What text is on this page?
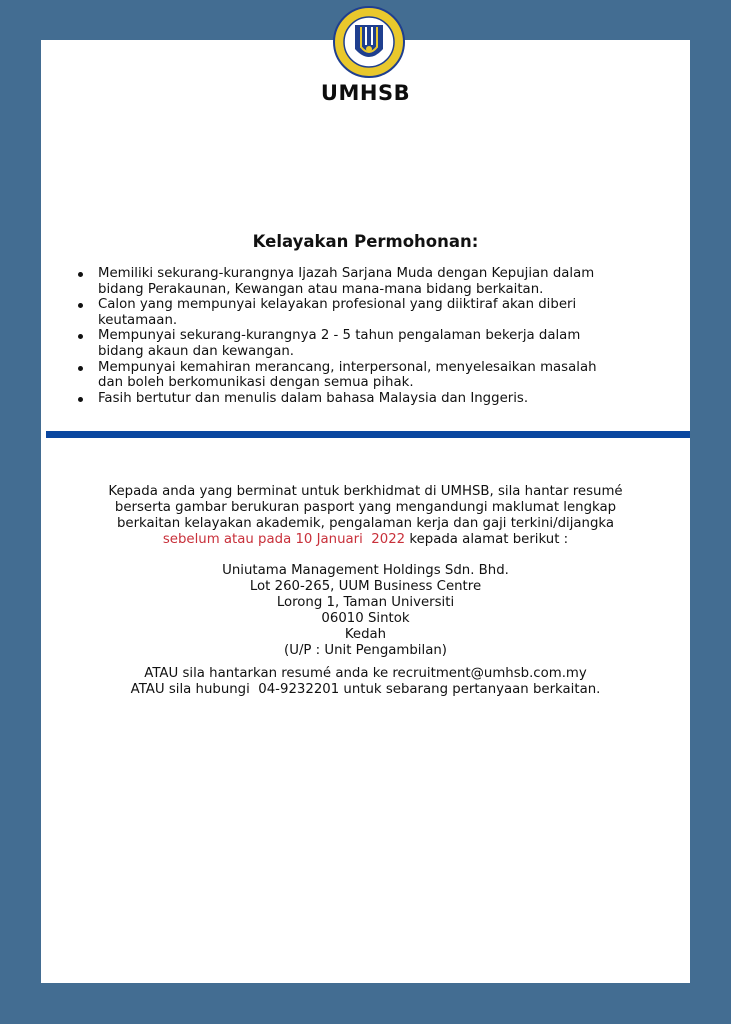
UMHSB
Kelayakan Permohonan:
Memiliki sekurang-kurangnya Ijazah Sarjana Muda dengan Kepujian dalam
bidang Perakaunan, Kewangan atau mana-mana bidang berkaitan.
Calon yang mempunyai kelayakan profesional yang diiktiraf akan diberi
keutamaan.
Mempunyai sekurang-kurangnya 2 - 5 tahun pengalaman bekerja dalam
bidang akaun dan kewangan.
Mempunyai kemahiran merancang, interpersonal, menyelesaikan masalah
dan boleh berkomunikasi dengan semua pihak.
Fasih bertutur dan menulis dalam bahasa Malaysia dan Inggeris.
Kepada anda yang berminat untuk berkhidmat di UMHSB, sila hantar resumé
berserta gambar berukuran pasport yang mengandungi maklumat lengkap
berkaitan kelayakan akademik, pengalaman kerja dan gaji terkini/dijangka
sebelum atau pada 10 Januari  2022 kepada alamat berikut :
Uniutama Management Holdings Sdn. Bhd.
Lot 260-265, UUM Business Centre
Lorong 1, Taman Universiti
06010 Sintok
Kedah
(U/P : Unit Pengambilan)
ATAU sila hantarkan resumé anda ke recruitment@umhsb.com.my
ATAU sila hubungi  04-9232201 untuk sebarang pertanyaan berkaitan.
